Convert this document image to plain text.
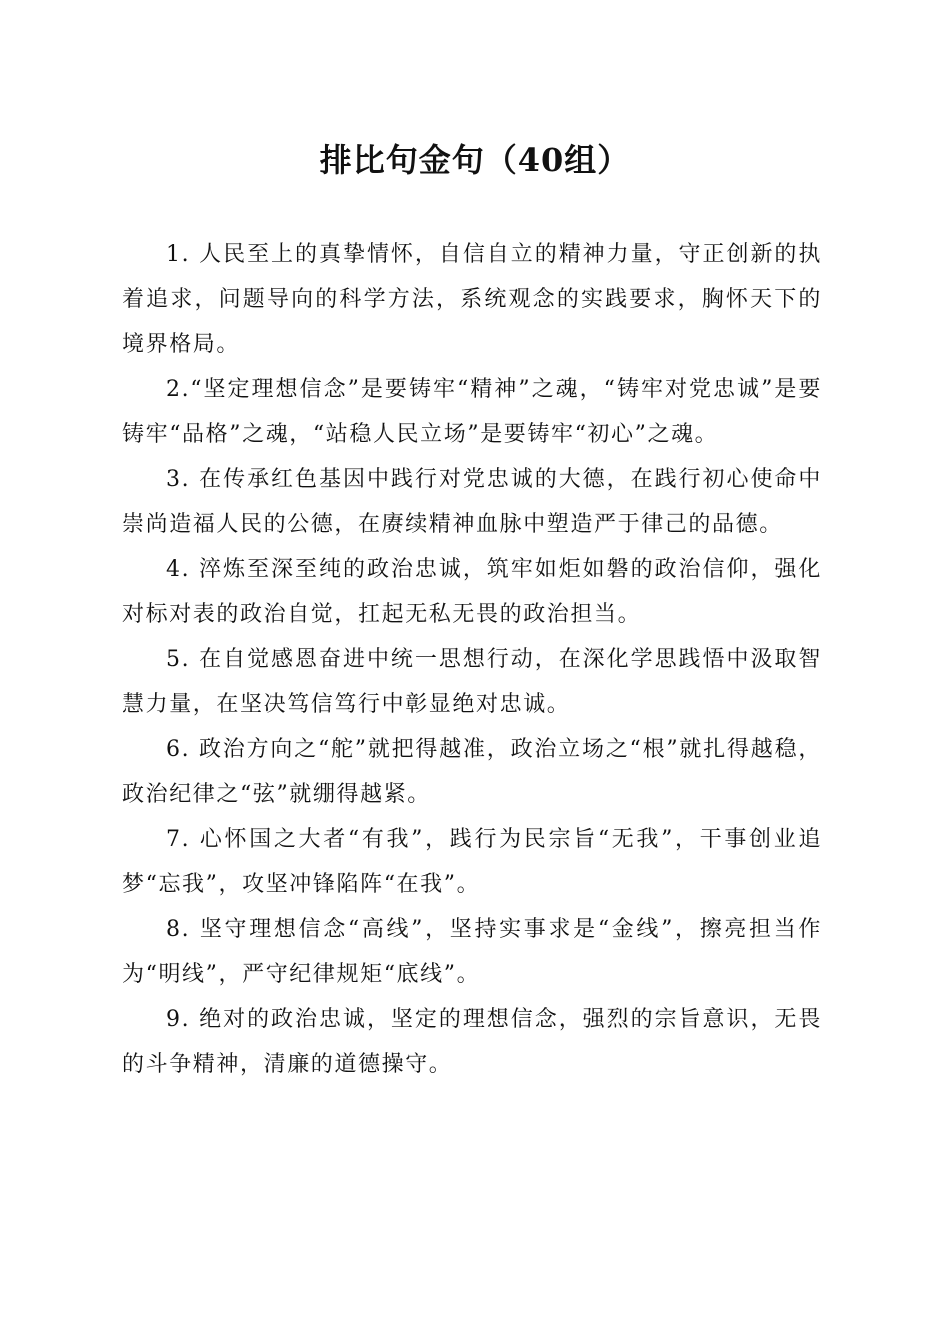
排比句金句（40组）

1. 人民至上的真挚情怀，自信自立的精神力量，守正创新的执着追求，问题导向的科学方法，系统观念的实践要求，胸怀天下的境界格局。

2.“坚定理想信念”是要铸牢“精神”之魂，“铸牢对党忠诚”是要铸牢“品格”之魂，“站稳人民立场”是要铸牢“初心”之魂。

3. 在传承红色基因中践行对党忠诚的大德，在践行初心使命中崇尚造福人民的公德，在赓续精神血脉中塑造严于律己的品德。

4. 淬炼至深至纯的政治忠诚，筑牢如炬如磐的政治信仰，强化对标对表的政治自觉，扛起无私无畏的政治担当。

5. 在自觉感恩奋进中统一思想行动，在深化学思践悟中汲取智慧力量，在坚决笃信笃行中彰显绝对忠诚。

6. 政治方向之“舵”就把得越准，政治立场之“根”就扎得越稳，政治纪律之“弦”就绷得越紧。

7. 心怀国之大者“有我”，践行为民宗旨“无我”，干事创业追梦“忘我”，攻坚冲锋陷阵“在我”。

8. 坚守理想信念“高线”，坚持实事求是“金线”，擦亮担当作为“明线”，严守纪律规矩“底线”。

9. 绝对的政治忠诚，坚定的理想信念，强烈的宗旨意识，无畏的斗争精神，清廉的道德操守。
